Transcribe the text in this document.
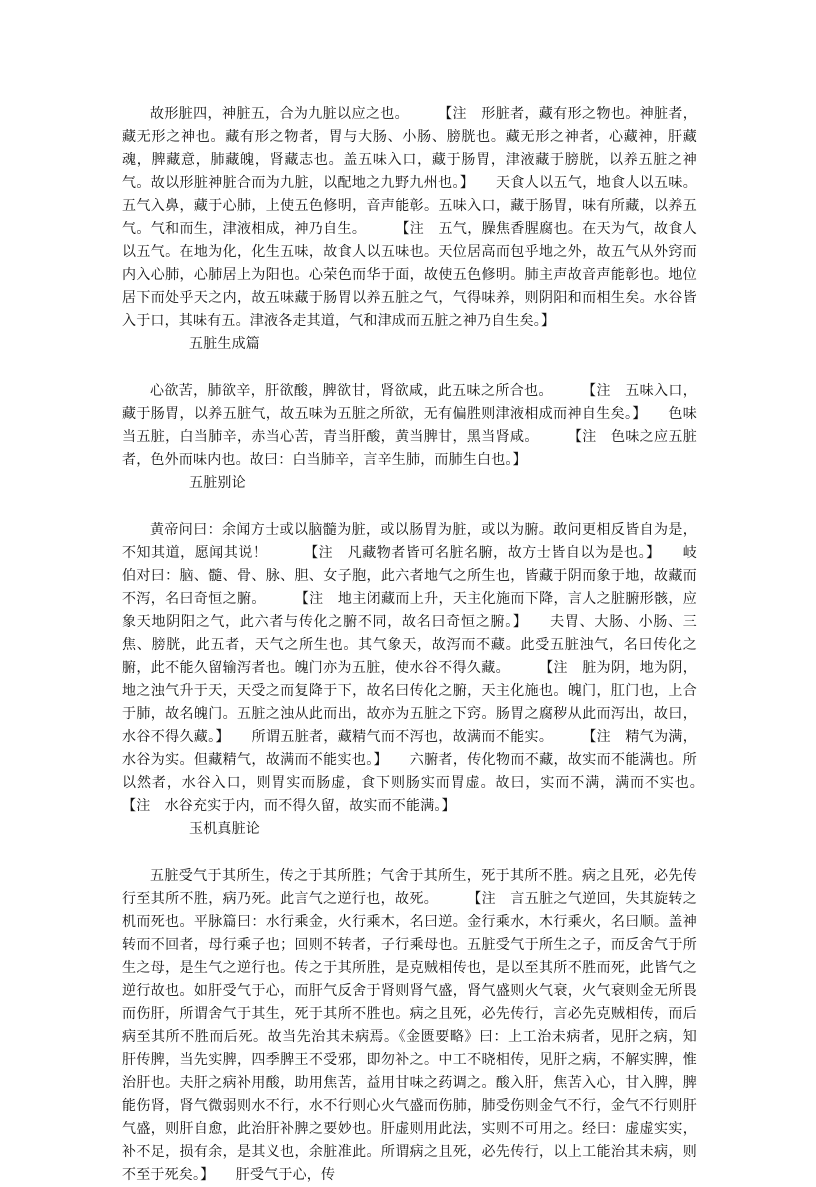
故形脏四，神脏五，合为九脏以应之也。　　　【注　形脏者，藏有形之物也。神脏者，藏无形之神也。藏有形之物者，胃与大肠、小肠、膀胱也。藏无形之神者，心藏神，肝藏魂，脾藏意，肺藏魄，肾藏志也。盖五味入口，藏于肠胃，津液藏于膀胱，以养五脏之神气。故以形脏神脏合而为九脏，以配地之九野九州也。】　　天食人以五气，地食人以五味。五气入鼻，藏于心肺，上使五色修明，音声能彰。五味入口，藏于肠胃，味有所藏，以养五气。气和而生，津液相成，神乃自生。　　　【注　五气，臊焦香腥腐也。在天为气，故食人以五气。在地为化，化生五味，故食人以五味也。天位居高而包乎地之外，故五气从外窍而内入心肺，心肺居上为阳也。心荣色而华于面，故使五色修明。肺主声故音声能彰也。地位居下而处乎天之内，故五味藏于肠胃以养五脏之气，气得味养，则阴阳和而相生矣。水谷皆入于口，其味有五。津液各走其道，气和津成而五脏之神乃自生矣。】

五脏生成篇

心欲苦，肺欲辛，肝欲酸，脾欲甘，肾欲咸，此五味之所合也。　　　【注　五味入口，藏于肠胃，以养五脏气，故五味为五脏之所欲，无有偏胜则津液相成而神自生矣。】　　色味当五脏，白当肺辛，赤当心苦，青当肝酸，黄当脾甘，黑当肾咸。　　　【注　色味之应五脏者，色外而味内也。故曰：白当肺辛，言辛生肺，而肺生白也。】

五脏别论

黄帝问曰：余闻方士或以脑髓为脏，或以肠胃为脏，或以为腑。敢问更相反皆自为是，不知其道，愿闻其说！　　　【注　凡藏物者皆可名脏名腑，故方士皆自以为是也。】　　岐伯对曰：脑、髓、骨、脉、胆、女子胞，此六者地气之所生也，皆藏于阴而象于地，故藏而不泻，名曰奇恒之腑。　　　【注　地主闭藏而上升，天主化施而下降，言人之脏腑形骸，应象天地阴阳之气，此六者与传化之腑不同，故名曰奇恒之腑。】　　夫胃、大肠、小肠、三焦、膀胱，此五者，天气之所生也。其气象天，故泻而不藏。此受五脏浊气，名曰传化之腑，此不能久留输泻者也。魄门亦为五脏，使水谷不得久藏。　　　【注　脏为阴，地为阴，地之浊气升于天，天受之而复降于下，故名曰传化之腑，天主化施也。魄门，肛门也，上合于肺，故名魄门。五脏之浊从此而出，故亦为五脏之下窍。肠胃之腐秽从此而泻出，故曰，水谷不得久藏。】　　所谓五脏者，藏精气而不泻也，故满而不能实。　　　【注　精气为满，水谷为实。但藏精气，故满而不能实也。】　　六腑者，传化物而不藏，故实而不能满也。所以然者，水谷入口，则胃实而肠虚，食下则肠实而胃虚。故曰，实而不满，满而不实也。　　　【注　水谷充实于内，而不得久留，故实而不能满。】

玉机真脏论

五脏受气于其所生，传之于其所胜；气舍于其所生，死于其所不胜。病之且死，必先传行至其所不胜，病乃死。此言气之逆行也，故死。　　　【注　言五脏之气逆回，失其旋转之机而死也。平脉篇曰：水行乘金，火行乘木，名曰逆。金行乘水，木行乘火，名曰顺。盖神转而不回者，母行乘子也；回则不转者，子行乘母也。五脏受气于所生之子，而反舍气于所生之母，是生气之逆行也。传之于其所胜，是克贼相传也，是以至其所不胜而死，此皆气之逆行故也。如肝受气于心，而肝气反舍于肾则肾气盛，肾气盛则火气衰，火气衰则金无所畏而伤肝，所谓舍气于其生，死于其所不胜也。病之且死，必先传行，言必先克贼相传，而后病至其所不胜而后死。故当先治其未病焉。《金匮要略》曰：上工治未病者，见肝之病，知肝传脾，当先实脾，四季脾王不受邪，即勿补之。中工不晓相传，见肝之病，不解实脾，惟治肝也。夫肝之病补用酸，助用焦苦，益用甘味之药调之。酸入肝，焦苦入心，甘入脾，脾能伤肾，肾气微弱则水不行，水不行则心火气盛而伤肺，肺受伤则金气不行，金气不行则肝气盛，则肝自愈，此治肝补脾之要妙也。肝虚则用此法，实则不可用之。经曰：虚虚实实，补不足，损有余，是其义也，余脏准此。所谓病之且死，必先传行，以上工能治其未病，则不至于死矣。】　　肝受气于心，传
